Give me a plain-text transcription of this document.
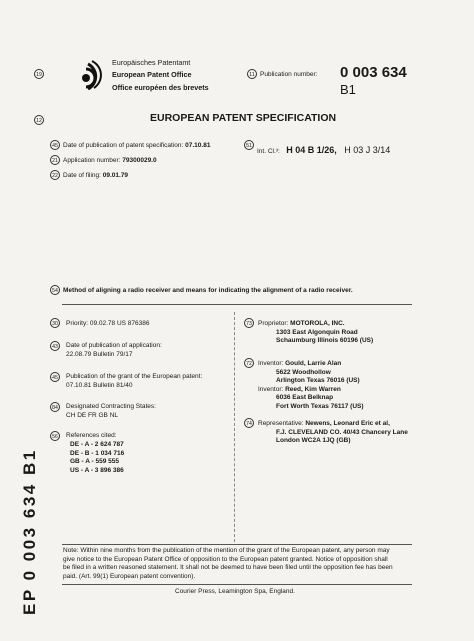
19
Europäisches Patentamt
European Patent Office
Office européen des brevets
11 Publication number: 0 003 634
B1
12	EUROPEAN PATENT SPECIFICATION
45 Date of publication of patent specification: 07.10.81	51
Int. Cl.³: H 04 B 1/26, H 03 J 3/14
21 Application number: 79300029.0
22 Date of filing: 09.01.79
54 Method of aligning a radio receiver and means for indicating the alignment of a radio receiver.
30	Priority: 09.02.78 US 876386
43	Date of publication of application:
22.08.79 Bulletin 79/17
45	Publication of the grant of the European patent:
07.10.81 Bulletin 81/40
84	Designated Contracting States:
CH DE FR GB NL
56	References cited:
DE - A - 2 624 787
DE - B - 1 034 716
GB - A - 559 555
US - A - 3 896 386
73 Proprietor: MOTOROLA, INC.
1303 East Algonquin Road
Schaumburg Illinois 60196 (US)
72 Inventor: Gould, Larrie Alan
5622 Woodhollow
Arlington Texas 76016 (US)
Inventor: Reed, Kim Warren
6036 East Belknap
Fort Worth Texas 76117 (US)
74 Representative: Newens, Leonard Eric et al,
F.J. CLEVELAND CO. 40/43 Chancery Lane
London WC2A 1JQ (GB)
EP 0 003 634 B1	Note: Within nine months from the publication of the mention of the grant of the European patent, any person may
give notice to the European Patent Office of opposition to the European patent granted. Notice of opposition shall
be filed in a written reasoned statement. It shall not be deemed to have been filed until the opposition fee has been
paid. (Art. 99(1) European patent convention).
Courier Press, Leamington Spa, England.
